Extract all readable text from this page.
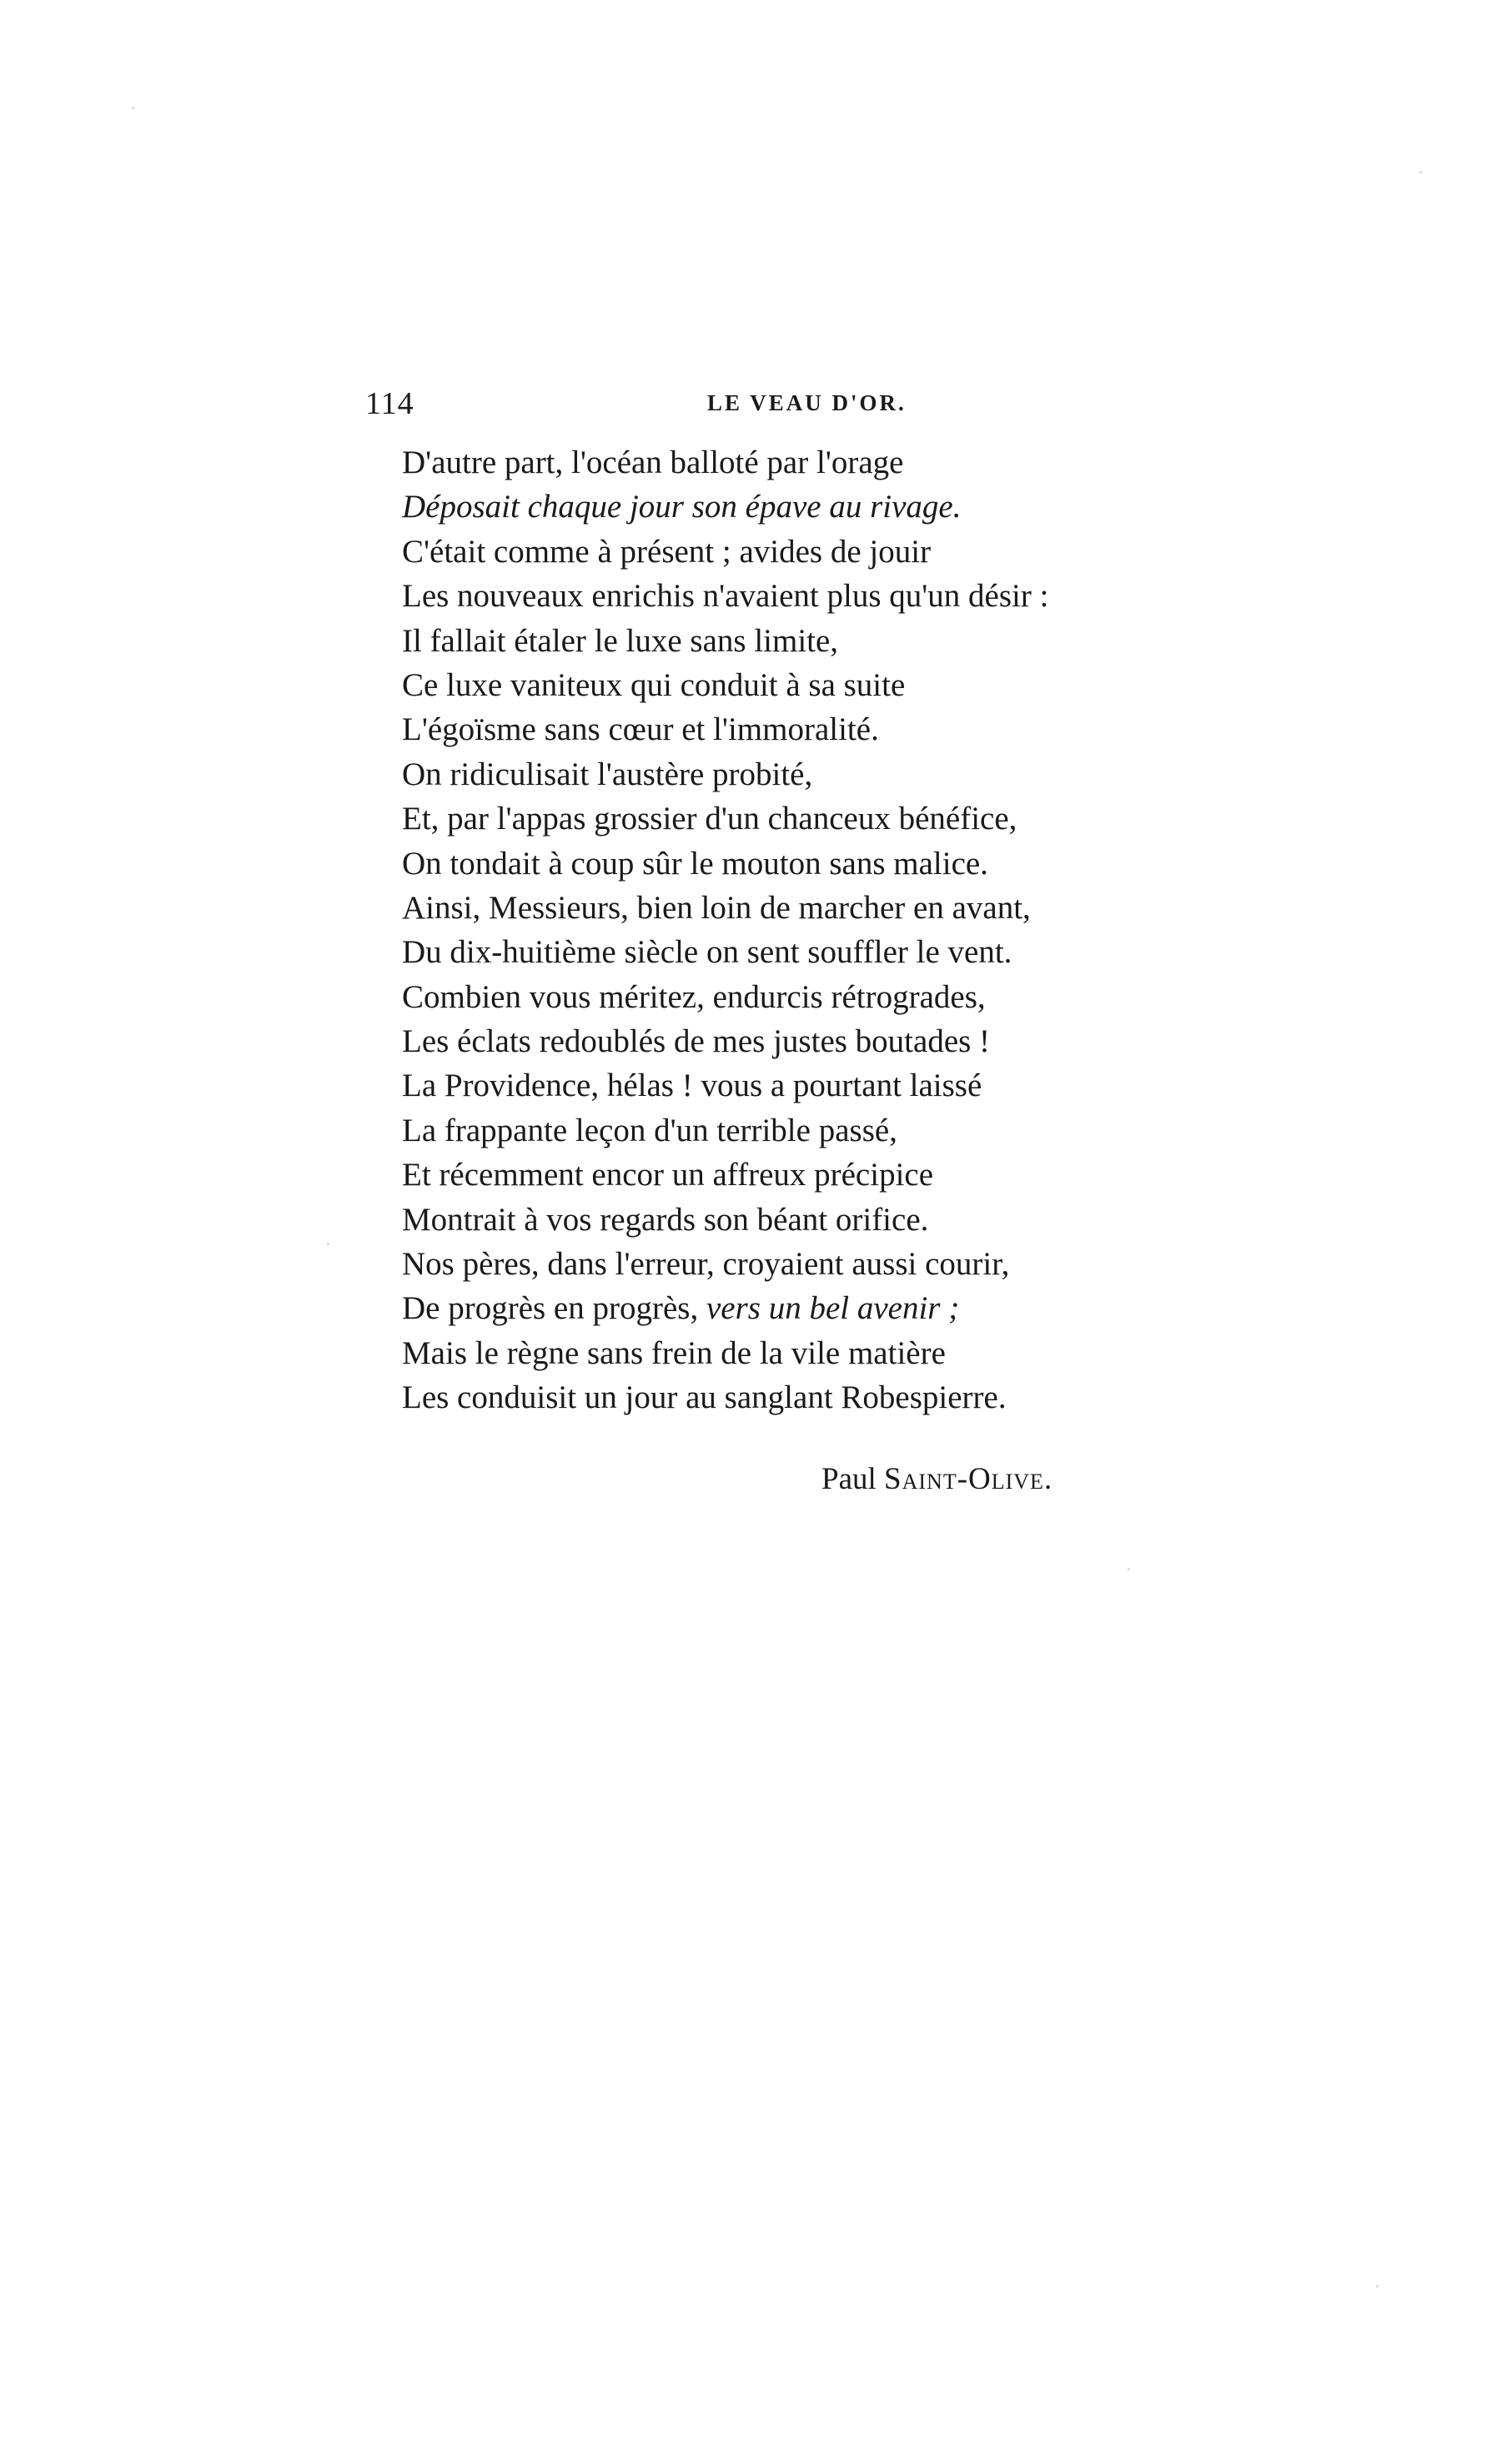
114	LE VEAU D'OR.
D'autre part, l'océan balloté par l'orage
Déposait chaque jour son épave au rivage.
C'était comme à présent ; avides de jouir
Les nouveaux enrichis n'avaient plus qu'un désir :
Il fallait étaler le luxe sans limite,
Ce luxe vaniteux qui conduit à sa suite
L'égoïsme sans cœur et l'immoralité.
On ridiculisait l'austère probité,
Et, par l'appas grossier d'un chanceux bénéfice,
On tondait à coup sûr le mouton sans malice.
Ainsi, Messieurs, bien loin de marcher en avant,
Du dix-huitième siècle on sent souffler le vent.
Combien vous méritez, endurcis rétrogrades,
Les éclats redoublés de mes justes boutades !
La Providence, hélas ! vous a pourtant laissé
La frappante leçon d'un terrible passé,
Et récemment encor un affreux précipice
Montrait à vos regards son béant orifice.
Nos pères, dans l'erreur, croyaient aussi courir,
De progrès en progrès, vers un bel avenir ;
Mais le règne sans frein de la vile matière
Les conduisit un jour au sanglant Robespierre.
Paul Saint-Olive.
